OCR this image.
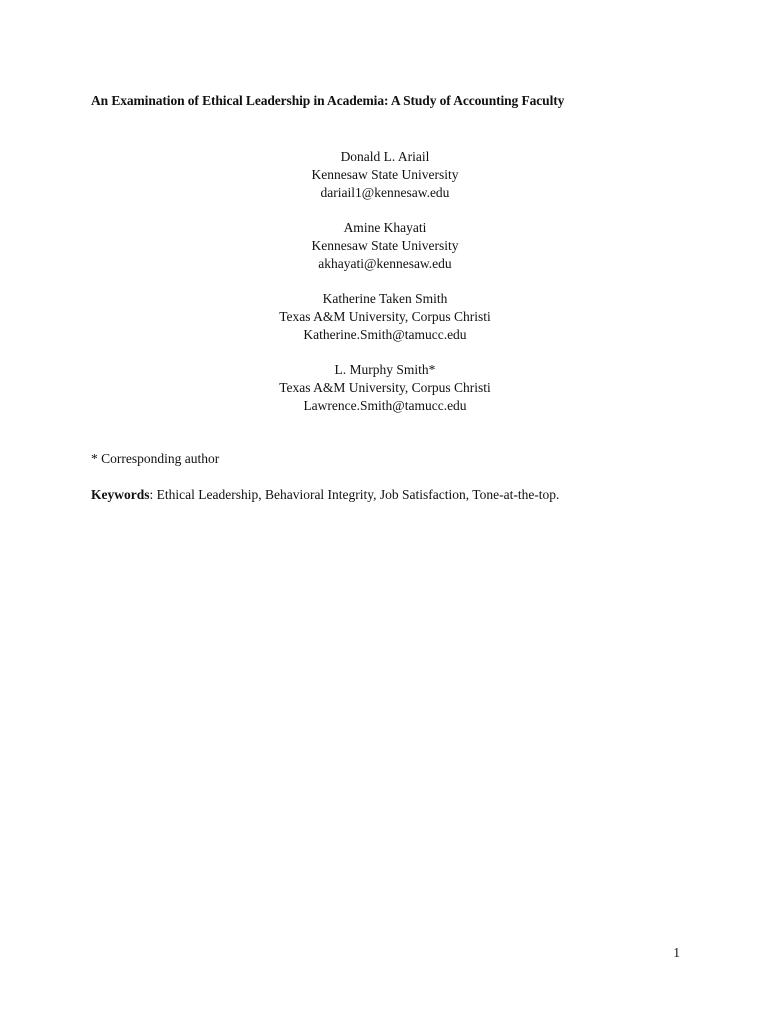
An Examination of Ethical Leadership in Academia: A Study of Accounting Faculty
Donald L. Ariail
Kennesaw State University
dariail1@kennesaw.edu
Amine Khayati
Kennesaw State University
akhayati@kennesaw.edu
Katherine Taken Smith
Texas A&M University, Corpus Christi
Katherine.Smith@tamucc.edu
L. Murphy Smith*
Texas A&M University, Corpus Christi
Lawrence.Smith@tamucc.edu
* Corresponding author
Keywords: Ethical Leadership, Behavioral Integrity, Job Satisfaction, Tone-at-the-top.
1
